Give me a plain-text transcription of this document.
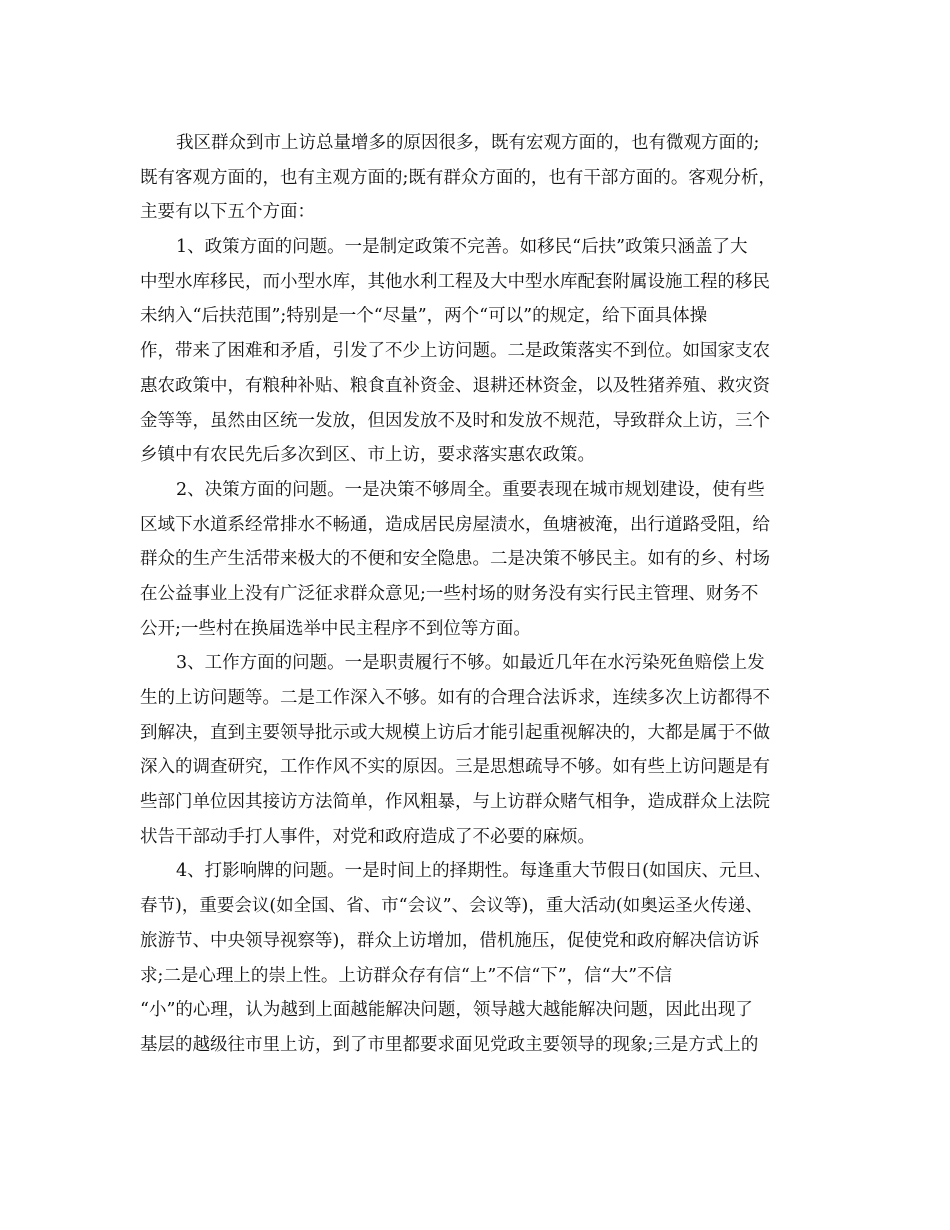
我区群众到市上访总量增多的原因很多，既有宏观方面的，也有微观方面的;
既有客观方面的，也有主观方面的;既有群众方面的，也有干部方面的。客观分析，
主要有以下五个方面：
1、政策方面的问题。一是制定政策不完善。如移民“后扶”政策只涵盖了大
中型水库移民，而小型水库，其他水利工程及大中型水库配套附属设施工程的移民
未纳入“后扶范围”;特别是一个“尽量”，两个“可以”的规定，给下面具体操
作，带来了困难和矛盾，引发了不少上访问题。二是政策落实不到位。如国家支农
惠农政策中，有粮种补贴、粮食直补资金、退耕还林资金，以及牲猪养殖、救灾资
金等等，虽然由区统一发放，但因发放不及时和发放不规范，导致群众上访，三个
乡镇中有农民先后多次到区、市上访，要求落实惠农政策。
2、决策方面的问题。一是决策不够周全。重要表现在城市规划建设，使有些
区域下水道系经常排水不畅通，造成居民房屋渍水，鱼塘被淹，出行道路受阻，给
群众的生产生活带来极大的不便和安全隐患。二是决策不够民主。如有的乡、村场
在公益事业上没有广泛征求群众意见;一些村场的财务没有实行民主管理、财务不
公开;一些村在换届选举中民主程序不到位等方面。
3、工作方面的问题。一是职责履行不够。如最近几年在水污染死鱼赔偿上发
生的上访问题等。二是工作深入不够。如有的合理合法诉求，连续多次上访都得不
到解决，直到主要领导批示或大规模上访后才能引起重视解决的，大都是属于不做
深入的调查研究，工作作风不实的原因。三是思想疏导不够。如有些上访问题是有
些部门单位因其接访方法简单，作风粗暴，与上访群众赌气相争，造成群众上法院
状告干部动手打人事件，对党和政府造成了不必要的麻烦。
4、打影响牌的问题。一是时间上的择期性。每逢重大节假日(如国庆、元旦、
春节)，重要会议(如全国、省、市“会议”、会议等)，重大活动(如奥运圣火传递、
旅游节、中央领导视察等)，群众上访增加，借机施压，促使党和政府解决信访诉
求;二是心理上的崇上性。上访群众存有信“上”不信“下”，信“大”不信
“小”的心理，认为越到上面越能解决问题，领导越大越能解决问题，因此出现了
基层的越级往市里上访，到了市里都要求面见党政主要领导的现象;三是方式上的
